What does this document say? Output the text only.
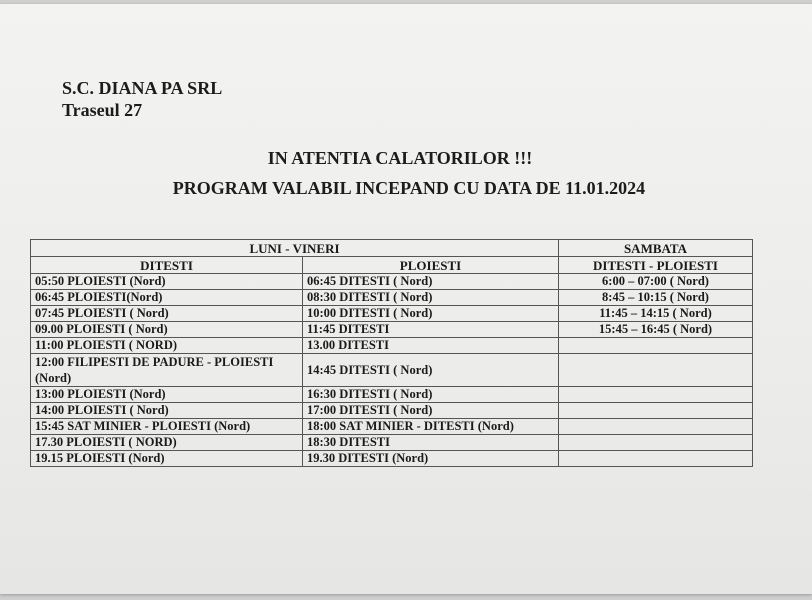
S.C. DIANA PA SRL
Traseul 27
IN ATENTIA CALATORILOR !!!
PROGRAM VALABIL INCEPAND CU DATA DE 11.01.2024
LUNI - VINERI		SAMBATA
DITESTI	PLOIESTI	DITESTI - PLOIESTI
05:50 PLOIESTI (Nord)	06:45 DITESTI ( Nord)	6:00 – 07:00 ( Nord)
06:45 PLOIESTI(Nord)	08:30 DITESTI ( Nord)	8:45 – 10:15 ( Nord)
07:45 PLOIESTI ( Nord)	10:00 DITESTI ( Nord)	11:45 – 14:15 ( Nord)
09.00 PLOIESTI ( Nord)	11:45 DITESTI	15:45 – 16:45 ( Nord)
11:00 PLOIESTI ( NORD)	13.00 DITESTI	
12:00 FILIPESTI DE PADURE - PLOIESTI (Nord)	14:45 DITESTI ( Nord)	
13:00 PLOIESTI (Nord)	16:30 DITESTI ( Nord)	
14:00 PLOIESTI ( Nord)	17:00 DITESTI ( Nord)	
15:45 SAT MINIER - PLOIESTI (Nord)	18:00 SAT MINIER - DITESTI (Nord)	
17.30 PLOIESTI ( NORD)	18:30 DITESTI	
19.15 PLOIESTI (Nord)	19.30 DITESTI (Nord)	
